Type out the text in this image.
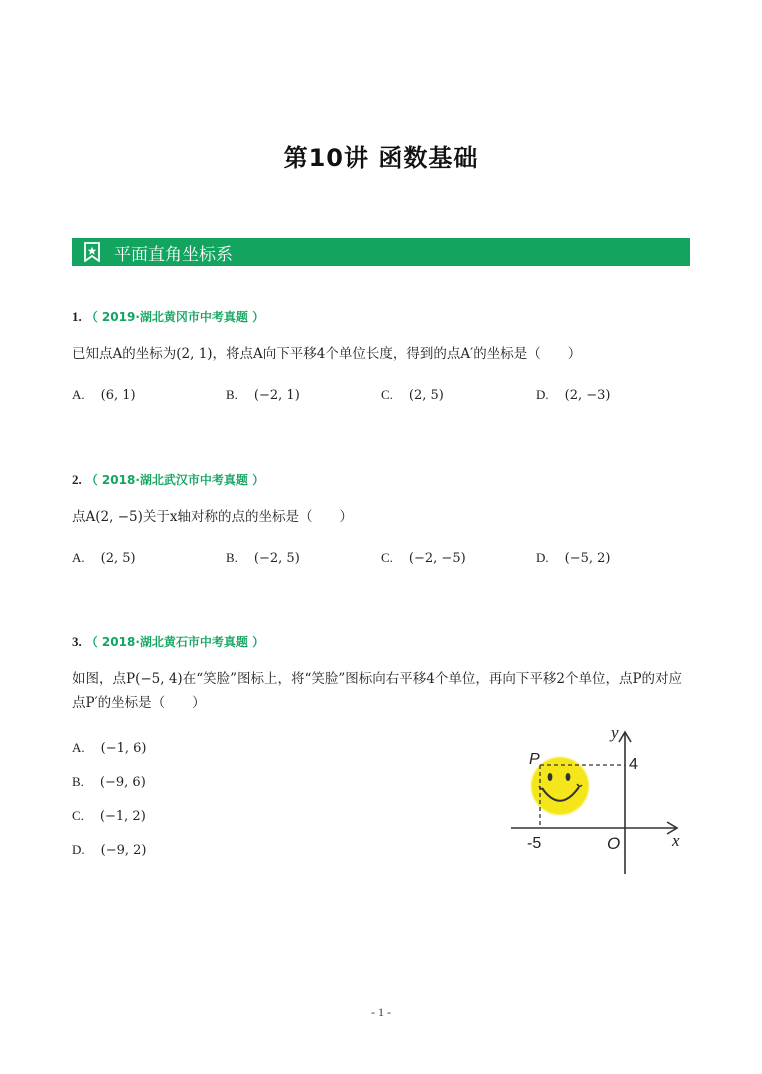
第10讲 函数基础
平面直角坐标系
1. （ 2019·湖北黄冈市中考真题 ）
已知点A的坐标为(2, 1)，将点A向下平移4个单位长度，得到的点A′的坐标是（　　）
A. (6, 1)	B. (−2, 1)	C. (2, 5)	D. (2, −3)
2. （ 2018·湖北武汉市中考真题 ）
点A(2, −5)关于x轴对称的点的坐标是（　　）
A. (2, 5)	B. (−2, 5)	C. (−2, −5)	D. (−5, 2)
3. （ 2018·湖北黄石市中考真题 ）
如图，点P(−5, 4)在“笑脸”图标上，将“笑脸”图标向右平移4个单位，再向下平移2个单位，点P的对应点P′的坐标是（　　）
A. (−1, 6)
B. (−9, 6)
C. (−1, 2)
D. (−9, 2)
y
x
P	4
-5	O
- 1 -
